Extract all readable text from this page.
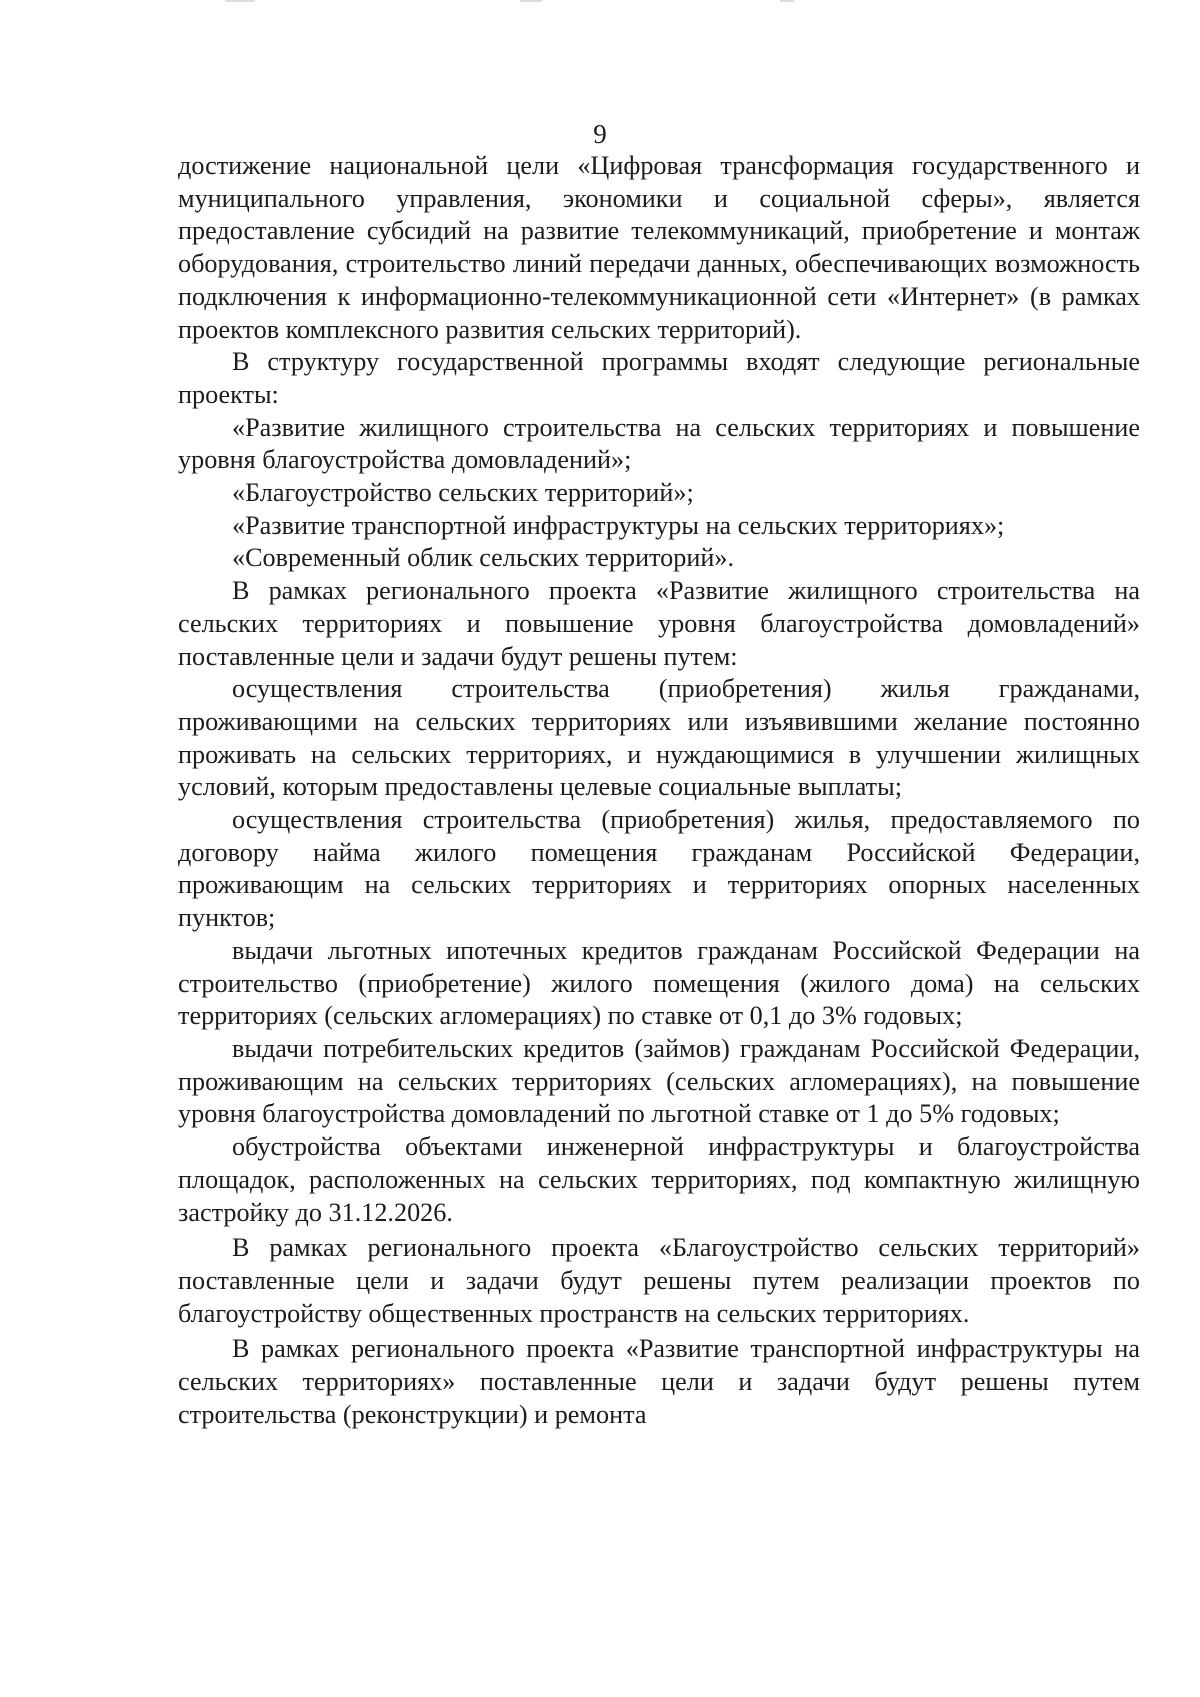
9

достижение национальной цели «Цифровая трансформация государственного и муниципального управления, экономики и социальной сферы», является предоставление субсидий на развитие телекоммуникаций, приобретение и монтаж оборудования, строительство линий передачи данных, обеспечивающих возможность подключения к информационно-телекоммуникационной сети «Интернет» (в рамках проектов комплексного развития сельских территорий).

В структуру государственной программы входят следующие региональные проекты:

«Развитие жилищного строительства на сельских территориях и повышение уровня благоустройства домовладений»;

«Благоустройство сельских территорий»;

«Развитие транспортной инфраструктуры на сельских территориях»;

«Современный облик сельских территорий».

В рамках регионального проекта «Развитие жилищного строительства на сельских территориях и повышение уровня благоустройства домовладений» поставленные цели и задачи будут решены путем:

осуществления строительства (приобретения) жилья гражданами, проживающими на сельских территориях или изъявившими желание постоянно проживать на сельских территориях, и нуждающимися в улучшении жилищных условий, которым предоставлены целевые социальные выплаты;

осуществления строительства (приобретения) жилья, предоставляемого по договору найма жилого помещения гражданам Российской Федерации, проживающим на сельских территориях и территориях опорных населенных пунктов;

выдачи льготных ипотечных кредитов гражданам Российской Федерации на строительство (приобретение) жилого помещения (жилого дома) на сельских территориях (сельских агломерациях) по ставке от 0,1 до 3% годовых;

выдачи потребительских кредитов (займов) гражданам Российской Федерации, проживающим на сельских территориях (сельских агломерациях), на повышение уровня благоустройства домовладений по льготной ставке от 1 до 5% годовых;

обустройства объектами инженерной инфраструктуры и благоустройства площадок, расположенных на сельских территориях, под компактную жилищную застройку до 31.12.2026.

В рамках регионального проекта «Благоустройство сельских территорий» поставленные цели и задачи будут решены путем реализации проектов по благоустройству общественных пространств на сельских территориях.

В рамках регионального проекта «Развитие транспортной инфраструктуры на сельских территориях» поставленные цели и задачи будут решены путем строительства (реконструкции) и ремонта
